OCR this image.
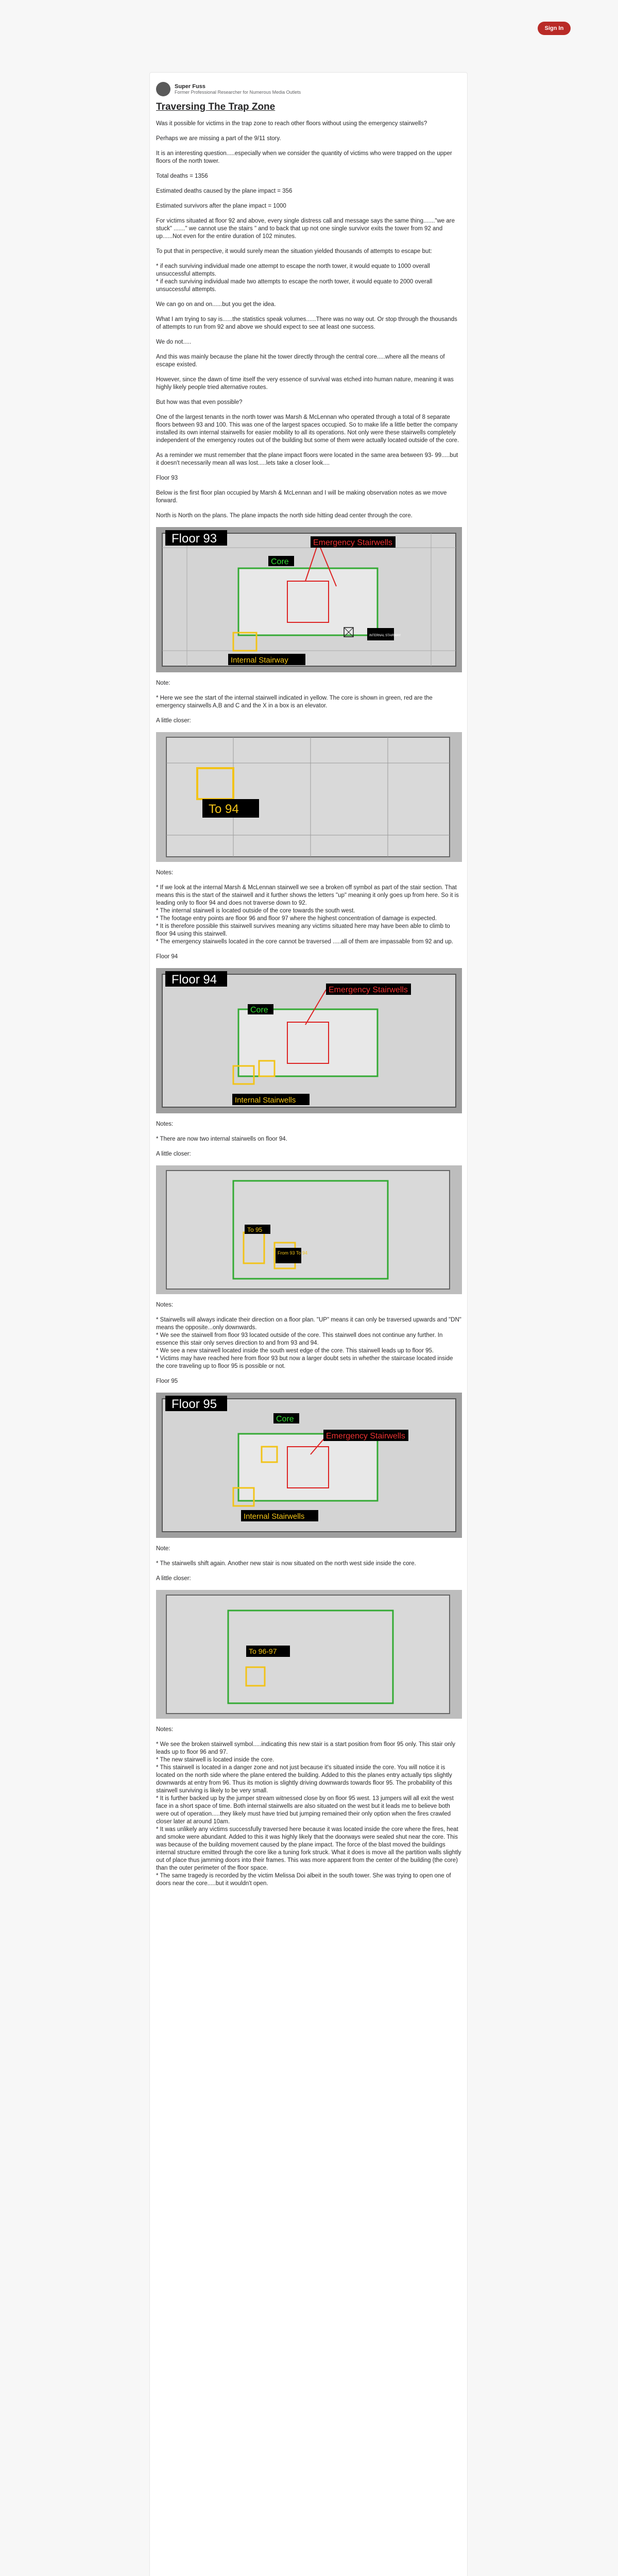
Sign In
Super Fuss
Former Professional Researcher for Numerous Media Outlets
Traversing The Trap Zone

Was it possible for victims in the trap zone to reach other floors without using the emergency stairwells?

Perhaps we are missing a part of the 9/11 story.

It is an interesting question.....especially when we consider the quantity of victims who were trapped on the upper floors of the north tower.

Total deaths = 1356

Estimated deaths caused by the plane impact = 356

Estimated survivors after the plane impact = 1000

For victims situated at floor 92 and above, every single distress call and message says the same thing......."we are stuck" ......." we cannot use the stairs " and to back that up not one single survivor exits the tower from 92 and up......Not even for the entire duration of 102 minutes.

To put that in perspective, it would surely mean the situation yielded thousands of attempts to escape but:

* if each surviving individual made one attempt to escape the north tower, it would equate to 1000 overall unsuccessful attempts.
* if each surviving individual made two attempts to escape the north tower, it would equate to 2000 overall unsuccessful attempts.

We can go on and on......but you get the idea.

What I am trying to say is......the statistics speak volumes......There was no way out. Or stop through the thousands of attempts to run from 92 and above we should expect to see at least one success.

We do not.....

And this was mainly because the plane hit the tower directly through the central core.....where all the means of escape existed.

However, since the dawn of time itself the very essence of survival was etched into human nature, meaning it was highly likely people tried alternative routes.

But how was that even possible?

One of the largest tenants in the north tower was Marsh & McLennan who operated through a total of 8 separate floors between 93 and 100. This was one of the largest spaces occupied. So to make life a little better the company installed its own internal stairwells for easier mobility to all its operations. Not only were these stairwells completely independent of the emergency routes out of the building but some of them were actually located outside of the core.

As a reminder we must remember that the plane impact floors were located in the same area between 93- 99.....but it doesn't necessarily mean all was lost.....lets take a closer look....

Floor 93

Below is the first floor plan occupied by Marsh & McLennan and I will be making observation notes as we move forward.

North is North on the plans. The plane impacts the north side hitting dead center through the core.

Floor 93	Emergency Stairwells
Core
Internal Stairway
INTERNAL STAIRWAY

Note:

* Here we see the start of the internal stairwell indicated in yellow. The core is shown in green, red are the emergency stairwells A,B and C and the X in a box is an elevator.

A little closer:

To 94

Notes:

* If we look at the internal Marsh & McLennan stairwell we see a broken off symbol as part of the stair section. That means this is the start of the stairwell and it further shows the letters "up" meaning it only goes up from here. So it is leading only to floor 94 and does not traverse down to 92.
* The internal stairwell is located outside of the core towards the south west.
* The footage entry points are floor 96 and floor 97 where the highest concentration of damage is expected.
* It is therefore possible this stairwell survives meaning any victims situated here may have been able to climb to floor 94 using this stairwell.
* The emergency stairwells located in the core cannot be traversed .....all of them are impassable from 92 and up.

Floor 94

Floor 94
Emergency Stairwells
Core
Internal Stairwells

Notes:

* There are now two internal stairwells on floor 94.

A little closer:

To 95
From 93 To 94

Notes:

* Stairwells will always indicate their direction on a floor plan. "UP" means it can only be traversed upwards and "DN" means the opposite...only downwards.
* We see the stairwell from floor 93 located outside of the core. This stairwell does not continue any further. In essence this stair only serves direction to and from 93 and 94.
* We see a new stairwell located inside the south west edge of the core. This stairwell leads up to floor 95.
* Victims may have reached here from floor 93 but now a larger doubt sets in whether the staircase located inside the core traveling up to floor 95 is possible or not.

Floor 95

Floor 95
Emergency Stairwells
Core
Internal Stairwells

Note:

* The stairwells shift again. Another new stair is now situated on the north west side inside the core.

A little closer:

To 96-97

Notes:

* We see the broken stairwell symbol.....indicating this new stair is a start position from floor 95 only. This stair only leads up to floor 96 and 97.
* The new stairwell is located inside the core.
* This stairwell is located in a danger zone and not just because it's situated inside the core. You will notice it is located on the north side where the plane entered the building. Added to this the planes entry actually tips slightly downwards at entry from 96. Thus its motion is slightly driving downwards towards floor 95. The probability of this stairwell surviving is likely to be very small.
* It is further backed up by the jumper stream witnessed close by on floor 95 west. 13 jumpers will all exit the west face in a short space of time. Both internal stairwells are also situated on the west but it leads me to believe both were out of operation.....they likely must have tried but jumping remained their only option when the fires crawled closer later at around 10am.
* It was unlikely any victims successfully traversed here because it was located inside the core where the fires, heat and smoke were abundant. Added to this it was highly likely that the doorways were sealed shut near the core. This was because of the building movement caused by the plane impact. The force of the blast moved the buildings internal structure emitted through the core like a tuning fork struck. What it does is move all the partition walls slightly out of place thus jamming doors into their frames. This was more apparent from the center of the building (the core) than the outer perimeter of the floor space.
* The same tragedy is recorded by the victim Melissa Doi albeit in the south tower. She was trying to open one of doors near the core.....but it wouldn't open.
